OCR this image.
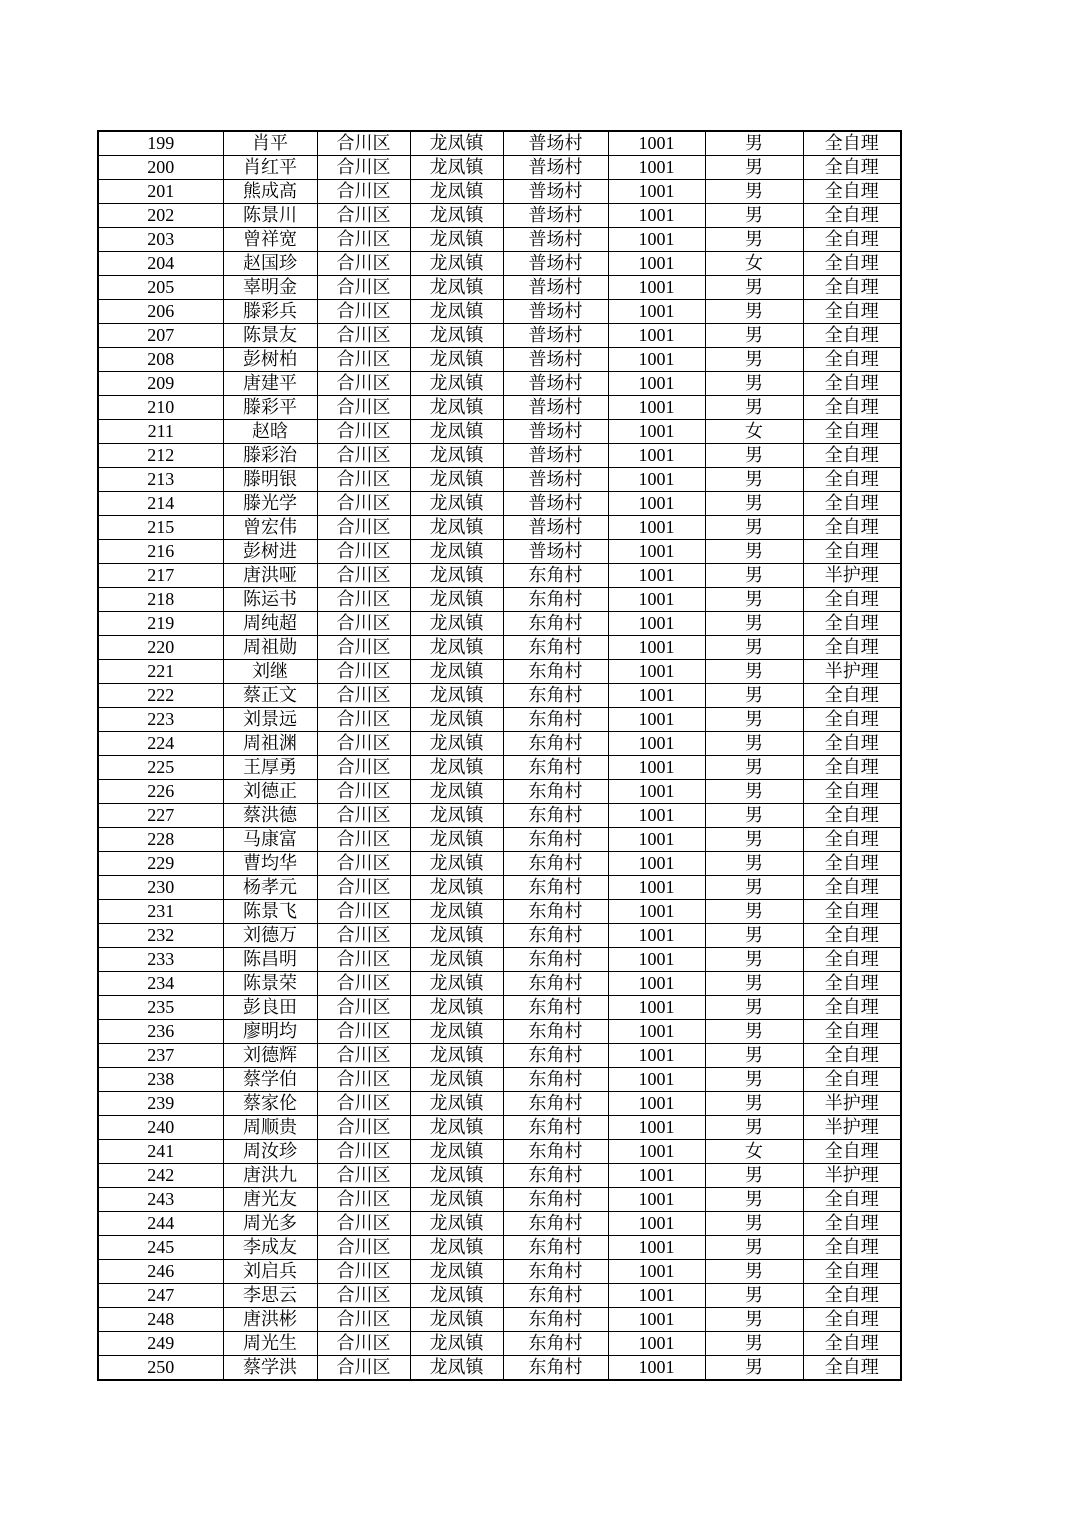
199	肖平	合川区	龙凤镇	普场村	1001	男	全自理
200	肖红平	合川区	龙凤镇	普场村	1001	男	全自理
201	熊成高	合川区	龙凤镇	普场村	1001	男	全自理
202	陈景川	合川区	龙凤镇	普场村	1001	男	全自理
203	曾祥宽	合川区	龙凤镇	普场村	1001	男	全自理
204	赵国珍	合川区	龙凤镇	普场村	1001	女	全自理
205	辜明金	合川区	龙凤镇	普场村	1001	男	全自理
206	滕彩兵	合川区	龙凤镇	普场村	1001	男	全自理
207	陈景友	合川区	龙凤镇	普场村	1001	男	全自理
208	彭树柏	合川区	龙凤镇	普场村	1001	男	全自理
209	唐建平	合川区	龙凤镇	普场村	1001	男	全自理
210	滕彩平	合川区	龙凤镇	普场村	1001	男	全自理
211	赵晗	合川区	龙凤镇	普场村	1001	女	全自理
212	滕彩治	合川区	龙凤镇	普场村	1001	男	全自理
213	滕明银	合川区	龙凤镇	普场村	1001	男	全自理
214	滕光学	合川区	龙凤镇	普场村	1001	男	全自理
215	曾宏伟	合川区	龙凤镇	普场村	1001	男	全自理
216	彭树进	合川区	龙凤镇	普场村	1001	男	全自理
217	唐洪哑	合川区	龙凤镇	东角村	1001	男	半护理
218	陈运书	合川区	龙凤镇	东角村	1001	男	全自理
219	周纯超	合川区	龙凤镇	东角村	1001	男	全自理
220	周祖勋	合川区	龙凤镇	东角村	1001	男	全自理
221	刘继	合川区	龙凤镇	东角村	1001	男	半护理
222	蔡正文	合川区	龙凤镇	东角村	1001	男	全自理
223	刘景远	合川区	龙凤镇	东角村	1001	男	全自理
224	周祖渊	合川区	龙凤镇	东角村	1001	男	全自理
225	王厚勇	合川区	龙凤镇	东角村	1001	男	全自理
226	刘德正	合川区	龙凤镇	东角村	1001	男	全自理
227	蔡洪德	合川区	龙凤镇	东角村	1001	男	全自理
228	马康富	合川区	龙凤镇	东角村	1001	男	全自理
229	曹均华	合川区	龙凤镇	东角村	1001	男	全自理
230	杨孝元	合川区	龙凤镇	东角村	1001	男	全自理
231	陈景飞	合川区	龙凤镇	东角村	1001	男	全自理
232	刘德万	合川区	龙凤镇	东角村	1001	男	全自理
233	陈昌明	合川区	龙凤镇	东角村	1001	男	全自理
234	陈景荣	合川区	龙凤镇	东角村	1001	男	全自理
235	彭良田	合川区	龙凤镇	东角村	1001	男	全自理
236	廖明均	合川区	龙凤镇	东角村	1001	男	全自理
237	刘德辉	合川区	龙凤镇	东角村	1001	男	全自理
238	蔡学伯	合川区	龙凤镇	东角村	1001	男	全自理
239	蔡家伦	合川区	龙凤镇	东角村	1001	男	半护理
240	周顺贵	合川区	龙凤镇	东角村	1001	男	半护理
241	周汝珍	合川区	龙凤镇	东角村	1001	女	全自理
242	唐洪九	合川区	龙凤镇	东角村	1001	男	半护理
243	唐光友	合川区	龙凤镇	东角村	1001	男	全自理
244	周光多	合川区	龙凤镇	东角村	1001	男	全自理
245	李成友	合川区	龙凤镇	东角村	1001	男	全自理
246	刘启兵	合川区	龙凤镇	东角村	1001	男	全自理
247	李思云	合川区	龙凤镇	东角村	1001	男	全自理
248	唐洪彬	合川区	龙凤镇	东角村	1001	男	全自理
249	周光生	合川区	龙凤镇	东角村	1001	男	全自理
250	蔡学洪	合川区	龙凤镇	东角村	1001	男	全自理
